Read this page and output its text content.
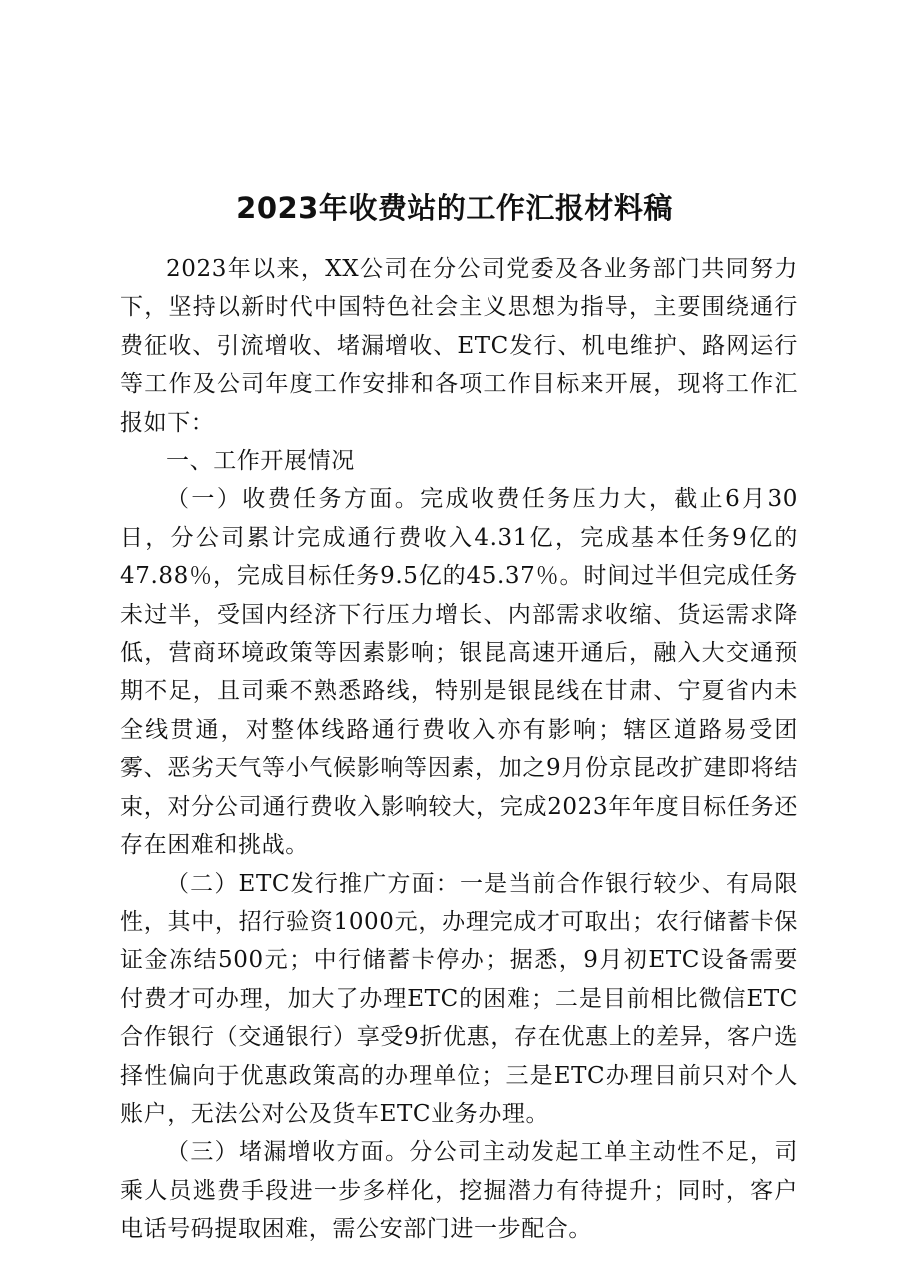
2023年收费站的工作汇报材料稿

2023年以来，XX公司在分公司党委及各业务部门共同努力下，坚持以新时代中国特色社会主义思想为指导，主要围绕通行费征收、引流增收、堵漏增收、ETC发行、机电维护、路网运行等工作及公司年度工作安排和各项工作目标来开展，现将工作汇报如下：

一、工作开展情况

（一）收费任务方面。完成收费任务压力大，截止6月30日，分公司累计完成通行费收入4.31亿，完成基本任务9亿的47.88％，完成目标任务9.5亿的45.37％。时间过半但完成任务未过半，受国内经济下行压力增长、内部需求收缩、货运需求降低，营商环境政策等因素影响；银昆高速开通后，融入大交通预期不足，且司乘不熟悉路线，特别是银昆线在甘肃、宁夏省内未全线贯通，对整体线路通行费收入亦有影响；辖区道路易受团雾、恶劣天气等小气候影响等因素，加之9月份京昆改扩建即将结束，对分公司通行费收入影响较大，完成2023年年度目标任务还存在困难和挑战。

（二）ETC发行推广方面：一是当前合作银行较少、有局限性，其中，招行验资1000元，办理完成才可取出；农行储蓄卡保证金冻结500元；中行储蓄卡停办；据悉，9月初ETC设备需要付费才可办理，加大了办理ETC的困难；二是目前相比微信ETC合作银行（交通银行）享受9折优惠，存在优惠上的差异，客户选择性偏向于优惠政策高的办理单位；三是ETC办理目前只对个人账户，无法公对公及货车ETC业务办理。

（三）堵漏增收方面。分公司主动发起工单主动性不足，司乘人员逃费手段进一步多样化，挖掘潜力有待提升；同时，客户电话号码提取困难，需公安部门进一步配合。
